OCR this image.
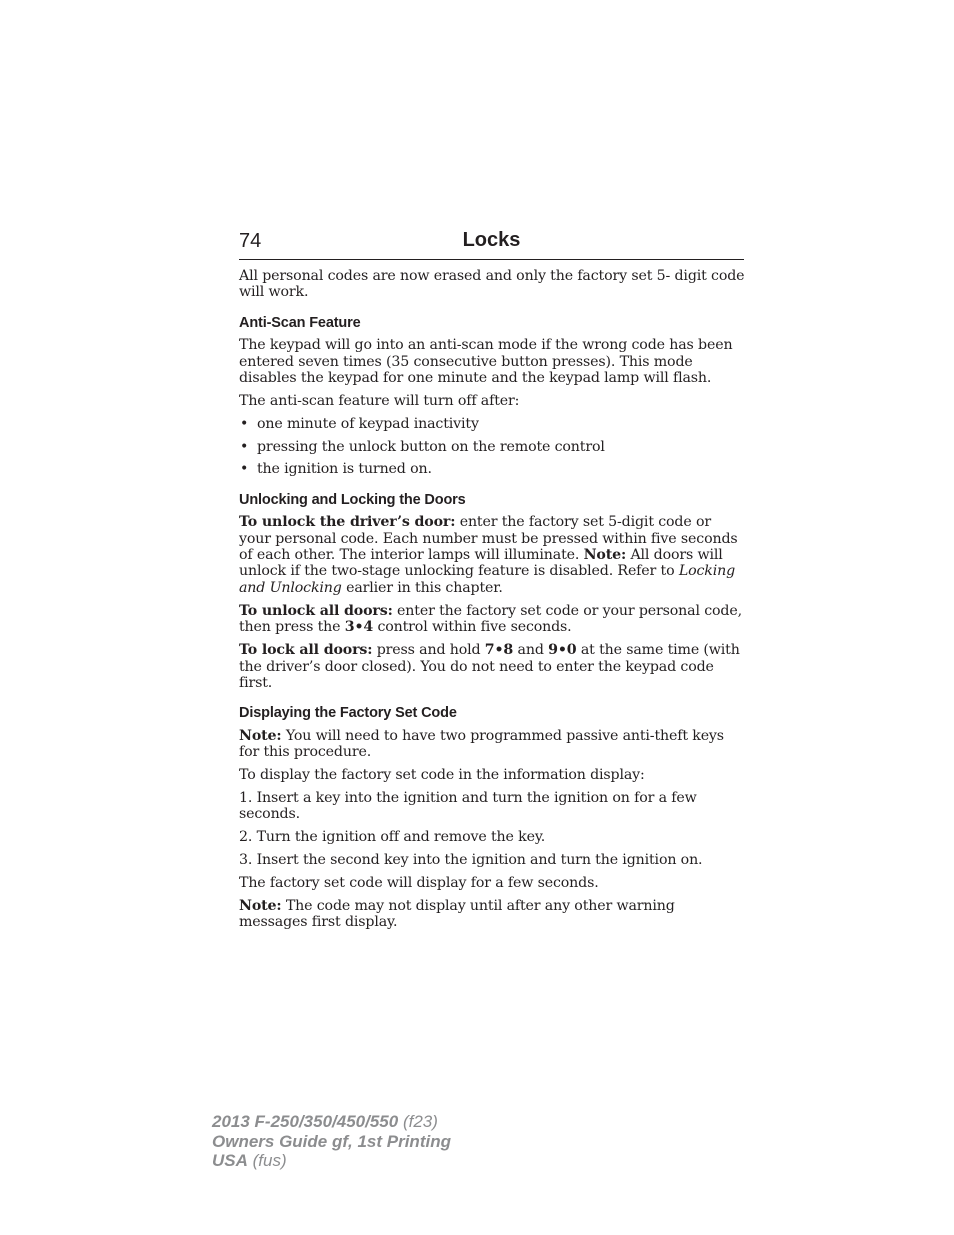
74	Locks

All personal codes are now erased and only the factory set 5- digit code will work.

Anti-Scan Feature

The keypad will go into an anti-scan mode if the wrong code has been entered seven times (35 consecutive button presses). This mode disables the keypad for one minute and the keypad lamp will flash.

The anti-scan feature will turn off after:

• one minute of keypad inactivity
• pressing the unlock button on the remote control
• the ignition is turned on.
Unlocking and Locking the Doors

To unlock the driver’s door: enter the factory set 5-digit code or your personal code. Each number must be pressed within five seconds of each other. The interior lamps will illuminate. Note: All doors will unlock if the two-stage unlocking feature is disabled. Refer to Locking and Unlocking earlier in this chapter.

To unlock all doors: enter the factory set code or your personal code, then press the 3•4 control within five seconds.

To lock all doors: press and hold 7•8 and 9•0 at the same time (with the driver’s door closed). You do not need to enter the keypad code first.

Displaying the Factory Set Code

Note: You will need to have two programmed passive anti-theft keys for this procedure.

To display the factory set code in the information display:

1. Insert a key into the ignition and turn the ignition on for a few seconds.

2. Turn the ignition off and remove the key.

3. Insert the second key into the ignition and turn the ignition on.

The factory set code will display for a few seconds.

Note: The code may not display until after any other warning messages first display.

2013 F-250/350/450/550 (f23)
Owners Guide gf, 1st Printing
USA (fus)
